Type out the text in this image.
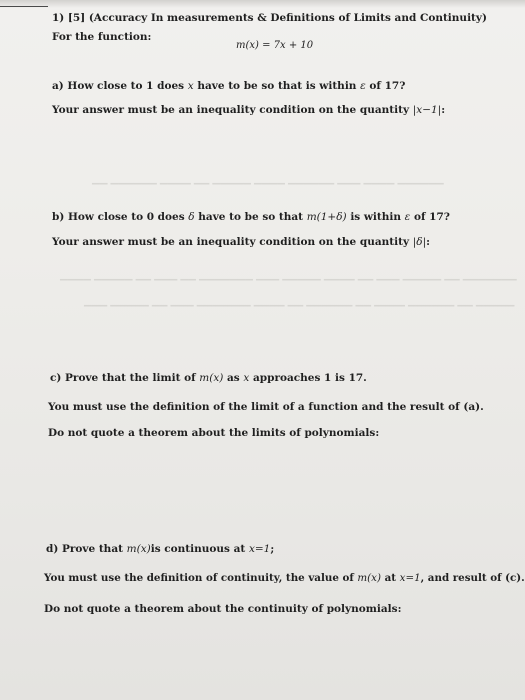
▁▁ ▁▁▁▁▁▁ ▁▁▁▁ ▁▁ ▁▁▁▁▁ ▁▁▁▁ ▁▁▁▁▁▁ ▁▁▁ ▁▁▁▁ ▁▁▁▁▁▁
▁▁▁▁ ▁▁▁▁▁ ▁▁ ▁▁▁ ▁▁ ▁▁▁▁▁▁▁ ▁▁▁ ▁▁▁▁▁ ▁▁▁▁ ▁▁ ▁▁▁ ▁▁▁▁▁ ▁▁ ▁▁▁▁▁▁▁
▁▁▁ ▁▁▁▁▁ ▁▁ ▁▁▁ ▁▁▁▁▁▁▁ ▁▁▁▁ ▁▁ ▁▁▁▁▁▁ ▁▁ ▁▁▁▁ ▁▁▁▁▁▁ ▁▁ ▁▁▁▁▁
1) [5] (Accuracy In measurements & Definitions of Limits and Continuity)
For the function:
m(x) = 7x + 10
a) How close to 1 does x have to be so that is within ε of 17?
Your answer must be an inequality condition on the quantity |x−1|:
b) How close to 0 does δ have to be so that m(1+δ) is within ε of 17?
Your answer must be an inequality condition on the quantity |δ|:
c) Prove that the limit of m(x) as x approaches 1 is 17.
You must use the definition of the limit of a function and the result of (a).
Do not quote a theorem about the limits of polynomials:
d) Prove that m(x)is continuous at x=1;
You must use the definition of continuity, the value of m(x) at x=1, and result of (c).
Do not quote a theorem about the continuity of polynomials:
